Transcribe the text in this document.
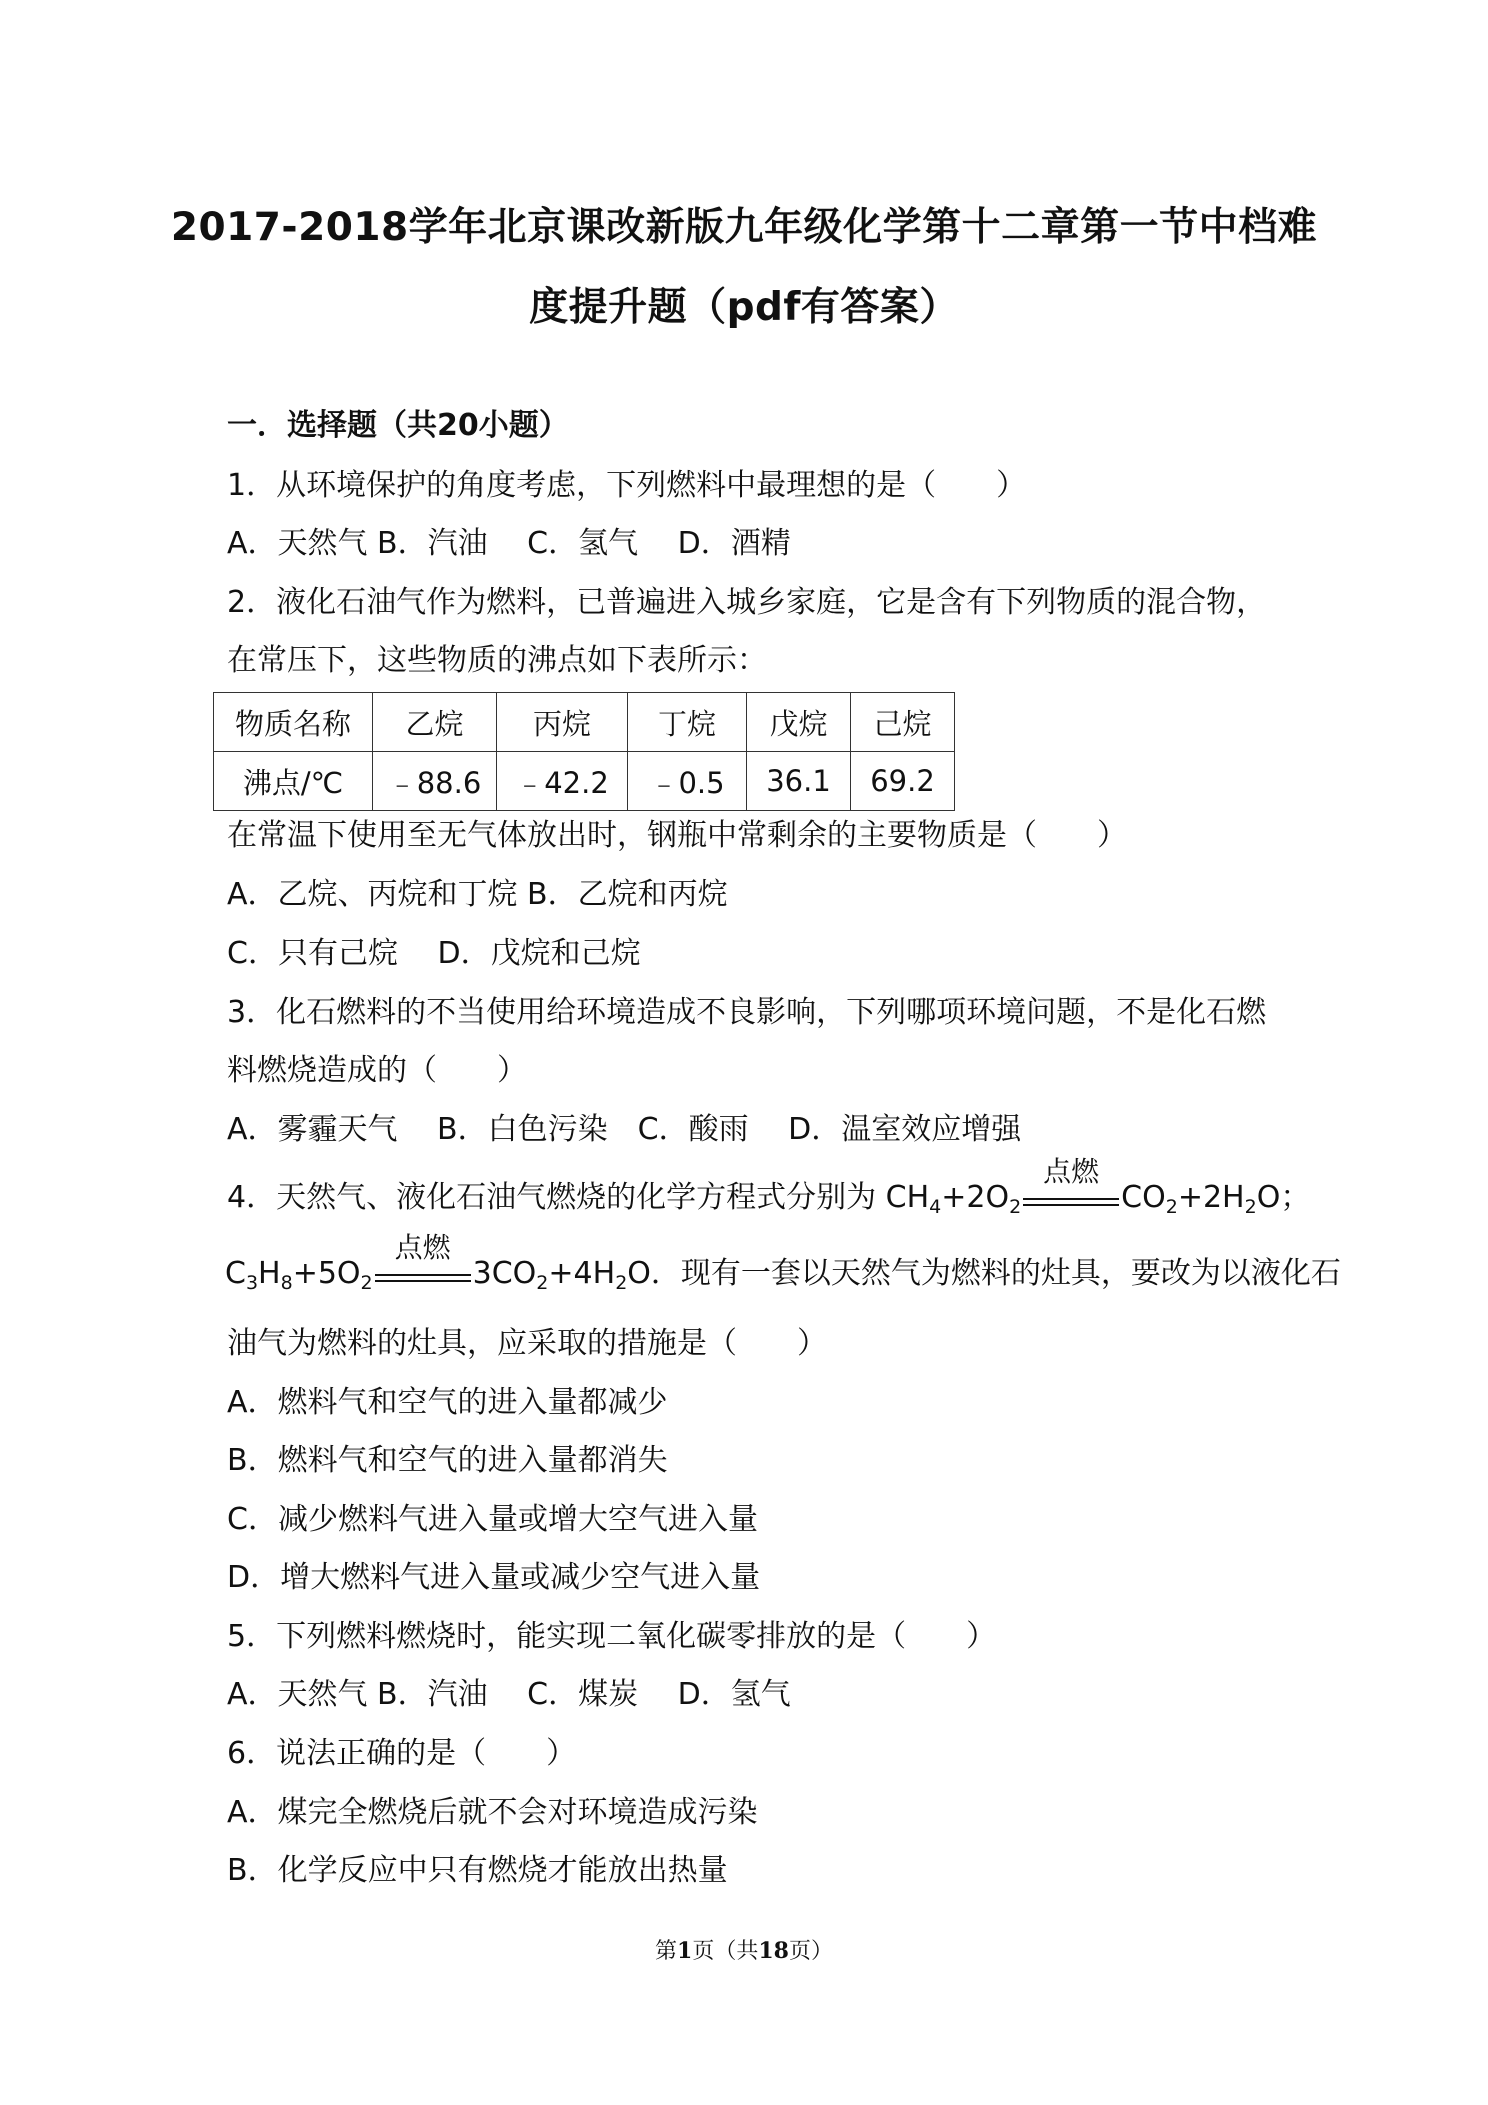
2017-2018学年北京课改新版九年级化学第十二章第一节中档难
度提升题（pdf有答案）
一．选择题（共20小题）
1．从环境保护的角度考虑，下列燃料中最理想的是（　　）
A．天然气 B．汽油　 C．氢气　 D．酒精
2．液化石油气作为燃料，已普遍进入城乡家庭，它是含有下列物质的混合物，
在常压下，这些物质的沸点如下表所示：
物质名称	乙烷	丙烷	丁烷	戊烷	己烷
沸点/℃	﹣88.6	﹣42.2	﹣0.5	36.1	69.2
在常温下使用至无气体放出时，钢瓶中常剩余的主要物质是（　　）
A．乙烷、丙烷和丁烷 B．乙烷和丙烷
C．只有己烷　 D．戊烷和己烷
3．化石燃料的不当使用给环境造成不良影响，下列哪项环境问题，不是化石燃
料燃烧造成的（　　）
A．雾霾天气　 B．白色污染　C．酸雨　 D．温室效应增强
4．天然气、液化石油气燃烧的化学方程式分别为 $CH_4+2O_2$
点燃
$CO_2+2H_2O$；
$C_3H_8+5O_2$
点燃
$3CO_2+4H_2O$．现有一套以天然气为燃料的灶具，要改为以液化石
油气为燃料的灶具，应采取的措施是（　　）
A．燃料气和空气的进入量都减少
B．燃料气和空气的进入量都消失
C．减少燃料气进入量或增大空气进入量
D．增大燃料气进入量或减少空气进入量
5．下列燃料燃烧时，能实现二氧化碳零排放的是（　　）
A．天然气 B．汽油　 C．煤炭　 D．氢气
6．说法正确的是（　　）
A．煤完全燃烧后就不会对环境造成污染
B．化学反应中只有燃烧才能放出热量
第1页（共18页）
